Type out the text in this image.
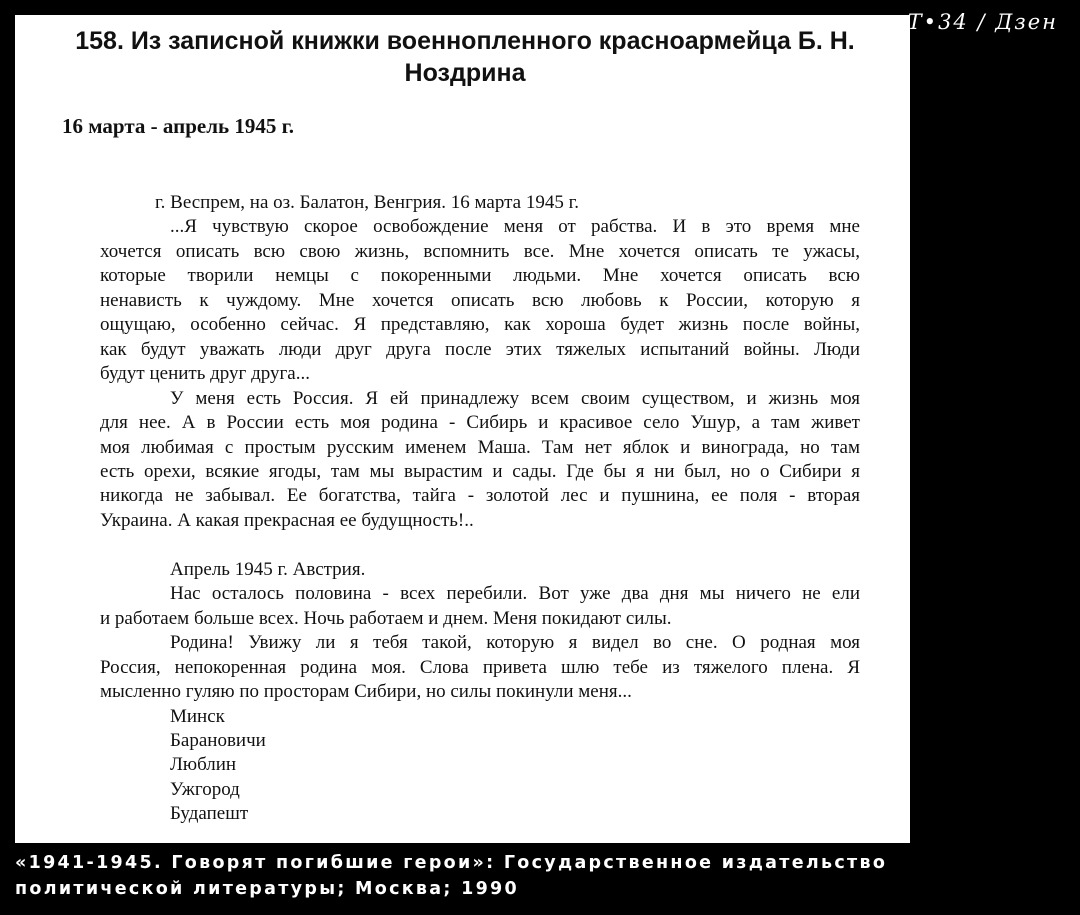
158. Из записной книжки военнопленного красноармейца Б. Н. Ноздрина
16 марта - апрель 1945 г.

г. Веспрем, на оз. Балатон, Венгрия. 16 марта 1945 г.

...Я чувствую скорое освобождение меня от рабства. И в это время мне

хочется описать всю свою жизнь, вспомнить все. Мне хочется описать те ужасы,

которые творили немцы с покоренными людьми. Мне хочется описать всю

ненависть к чуждому. Мне хочется описать всю любовь к России, которую я

ощущаю, особенно сейчас. Я представляю, как хороша будет жизнь после войны,

как будут уважать люди друг друга после этих тяжелых испытаний войны. Люди

будут ценить друг друга...

У меня есть Россия. Я ей принадлежу всем своим существом, и жизнь моя

для нее. А в России есть моя родина - Сибирь и красивое село Ушур, а там живет

моя любимая с простым русским именем Маша. Там нет яблок и винограда, но там

есть орехи, всякие ягоды, там мы вырастим и сады. Где бы я ни был, но о Сибири я

никогда не забывал. Ее богатства, тайга - золотой лес и пушнина, ее поля - вторая

Украина. А какая прекрасная ее будущность!..

Апрель 1945 г. Австрия.

Нас осталось половина - всех перебили. Вот уже два дня мы ничего не ели

и работаем больше всех. Ночь работаем и днем. Меня покидают силы.

Родина! Увижу ли я тебя такой, которую я видел во сне. О родная моя

Россия, непокоренная родина моя. Слова привета шлю тебе из тяжелого плена. Я

мысленно гуляю по просторам Сибири, но силы покинули меня...

Минск

Барановичи

Люблин

Ужгород

Будапешт

Т•34 / Дзен
«1941-1945. Говорят погибшие герои»: Государственное издательство
политической литературы; Москва; 1990
